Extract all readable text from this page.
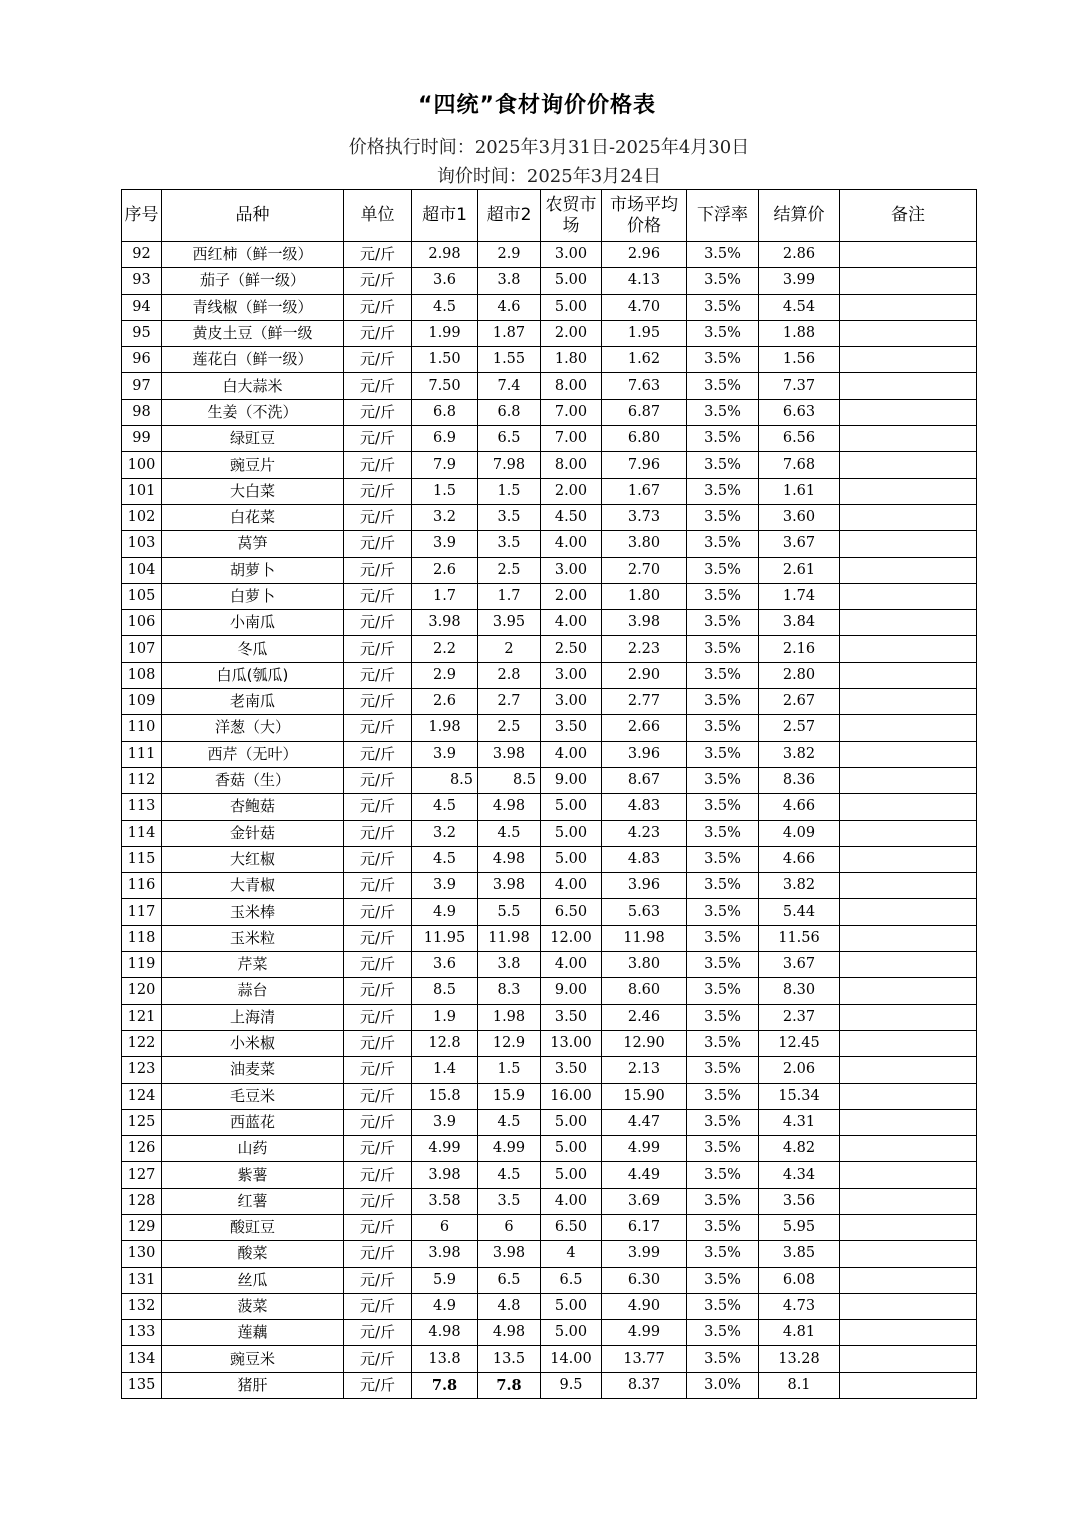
“四统”食材询价价格表
价格执行时间：2025年3月31日-2025年4月30日
询价时间：2025年3月24日
序号	品种	单位	超市1	超市2	农贸市场	市场平均价格	下浮率	结算价	备注
92	西红柿（鲜一级）	元/斤	2.98	2.9	3.00	2.96	3.5%	2.86	
93	茄子（鲜一级）	元/斤	3.6	3.8	5.00	4.13	3.5%	3.99	
94	青线椒（鲜一级）	元/斤	4.5	4.6	5.00	4.70	3.5%	4.54	
95	黄皮土豆（鲜一级	元/斤	1.99	1.87	2.00	1.95	3.5%	1.88	
96	莲花白（鲜一级）	元/斤	1.50	1.55	1.80	1.62	3.5%	1.56	
97	白大蒜米	元/斤	7.50	7.4	8.00	7.63	3.5%	7.37	
98	生姜（不洗）	元/斤	6.8	6.8	7.00	6.87	3.5%	6.63	
99	绿豇豆	元/斤	6.9	6.5	7.00	6.80	3.5%	6.56	
100	豌豆片	元/斤	7.9	7.98	8.00	7.96	3.5%	7.68	
101	大白菜	元/斤	1.5	1.5	2.00	1.67	3.5%	1.61	
102	白花菜	元/斤	3.2	3.5	4.50	3.73	3.5%	3.60	
103	莴笋	元/斤	3.9	3.5	4.00	3.80	3.5%	3.67	
104	胡萝卜	元/斤	2.6	2.5	3.00	2.70	3.5%	2.61	
105	白萝卜	元/斤	1.7	1.7	2.00	1.80	3.5%	1.74	
106	小南瓜	元/斤	3.98	3.95	4.00	3.98	3.5%	3.84	
107	冬瓜	元/斤	2.2	2	2.50	2.23	3.5%	2.16	
108	白瓜(瓠瓜)	元/斤	2.9	2.8	3.00	2.90	3.5%	2.80	
109	老南瓜	元/斤	2.6	2.7	3.00	2.77	3.5%	2.67	
110	洋葱（大）	元/斤	1.98	2.5	3.50	2.66	3.5%	2.57	
111	西芹（无叶）	元/斤	3.9	3.98	4.00	3.96	3.5%	3.82	
112	香菇（生）	元/斤	8.5	8.5	9.00	8.67	3.5%	8.36	
113	杏鲍菇	元/斤	4.5	4.98	5.00	4.83	3.5%	4.66	
114	金针菇	元/斤	3.2	4.5	5.00	4.23	3.5%	4.09	
115	大红椒	元/斤	4.5	4.98	5.00	4.83	3.5%	4.66	
116	大青椒	元/斤	3.9	3.98	4.00	3.96	3.5%	3.82	
117	玉米棒	元/斤	4.9	5.5	6.50	5.63	3.5%	5.44	
118	玉米粒	元/斤	11.95	11.98	12.00	11.98	3.5%	11.56	
119	芹菜	元/斤	3.6	3.8	4.00	3.80	3.5%	3.67	
120	蒜台	元/斤	8.5	8.3	9.00	8.60	3.5%	8.30	
121	上海清	元/斤	1.9	1.98	3.50	2.46	3.5%	2.37	
122	小米椒	元/斤	12.8	12.9	13.00	12.90	3.5%	12.45	
123	油麦菜	元/斤	1.4	1.5	3.50	2.13	3.5%	2.06	
124	毛豆米	元/斤	15.8	15.9	16.00	15.90	3.5%	15.34	
125	西蓝花	元/斤	3.9	4.5	5.00	4.47	3.5%	4.31	
126	山药	元/斤	4.99	4.99	5.00	4.99	3.5%	4.82	
127	紫薯	元/斤	3.98	4.5	5.00	4.49	3.5%	4.34	
128	红薯	元/斤	3.58	3.5	4.00	3.69	3.5%	3.56	
129	酸豇豆	元/斤	6	6	6.50	6.17	3.5%	5.95	
130	酸菜	元/斤	3.98	3.98	4	3.99	3.5%	3.85	
131	丝瓜	元/斤	5.9	6.5	6.5	6.30	3.5%	6.08	
132	菠菜	元/斤	4.9	4.8	5.00	4.90	3.5%	4.73	
133	莲藕	元/斤	4.98	4.98	5.00	4.99	3.5%	4.81	
134	豌豆米	元/斤	13.8	13.5	14.00	13.77	3.5%	13.28	
135	猪肝	元/斤	7.8	7.8	9.5	8.37	3.0%	8.1	
